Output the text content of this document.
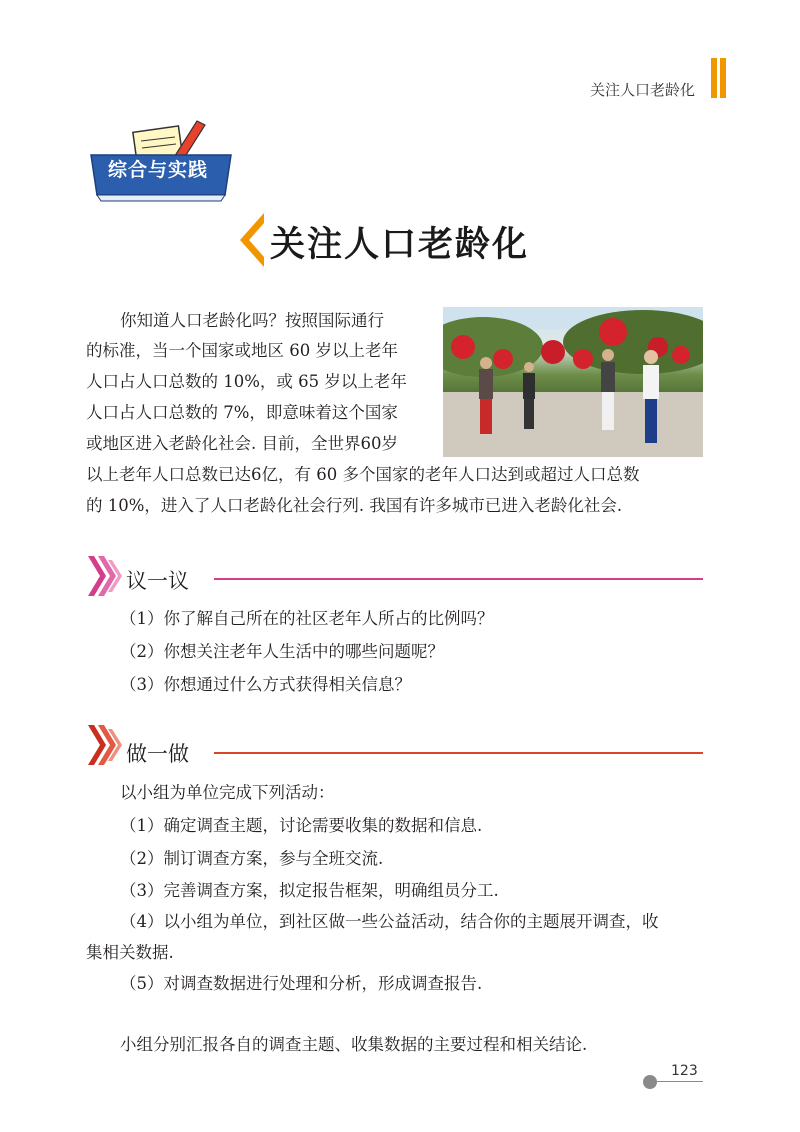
关注人口老龄化
综合与实践
关注人口老龄化
你知道人口老龄化吗？按照国际通行
的标准，当一个国家或地区 60 岁以上老年
人口占人口总数的 10%，或 65 岁以上老年
人口占人口总数的 7%，即意味着这个国家
或地区进入老龄化社会. 目前，全世界60岁
以上老年人口总数已达6亿，有 60 多个国家的老年人口达到或超过人口总数
的 10%，进入了人口老龄化社会行列. 我国有许多城市已进入老龄化社会.
议一议
（1）你了解自己所在的社区老年人所占的比例吗？
（2）你想关注老年人生活中的哪些问题呢？
（3）你想通过什么方式获得相关信息？
做一做
以小组为单位完成下列活动：
（1）确定调查主题，讨论需要收集的数据和信息.
（2）制订调查方案，参与全班交流.
（3）完善调查方案，拟定报告框架，明确组员分工.
（4）以小组为单位，到社区做一些公益活动，结合你的主题展开调查，收
集相关数据.
（5）对调查数据进行处理和分析，形成调查报告.
小组分别汇报各自的调查主题、收集数据的主要过程和相关结论.
123
